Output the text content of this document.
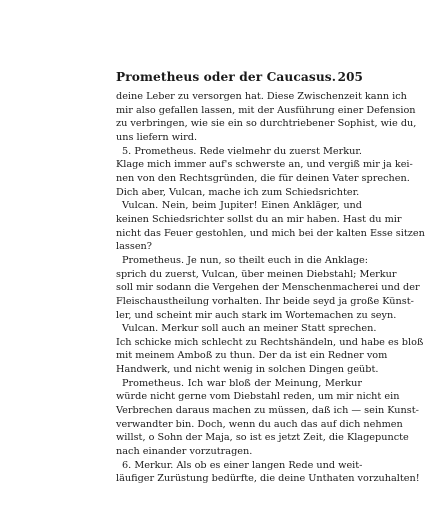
Prometheus oder der Caucasus. 205
deine Leber zu versorgen hat. Diese Zwischenzeit kann ich
mir also gefallen lassen, mit der Ausführung einer Defension
zu verbringen, wie sie ein so durchtriebener Sophist, wie du,
uns liefern wird.
5. Prometheus. Rede vielmehr du zuerst Merkur.
Klage mich immer auf's schwerste an, und vergiß mir ja kei-
nen von den Rechtsgründen, die für deinen Vater sprechen.
Dich aber, Vulcan, mache ich zum Schiedsrichter.
Vulcan. Nein, beim Jupiter! Einen Ankläger, und
keinen Schiedsrichter sollst du an mir haben. Hast du mir
nicht das Feuer gestohlen, und mich bei der kalten Esse sitzen
lassen?
Prometheus. Je nun, so theilt euch in die Anklage:
sprich du zuerst, Vulcan, über meinen Diebstahl; Merkur
soll mir sodann die Vergehen der Menschenmacherei und der
Fleischaustheilung vorhalten. Ihr beide seyd ja große Künst-
ler, und scheint mir auch stark im Wortemachen zu seyn.
Vulcan. Merkur soll auch an meiner Statt sprechen.
Ich schicke mich schlecht zu Rechtshändeln, und habe es bloß
mit meinem Amboß zu thun. Der da ist ein Redner vom
Handwerk, und nicht wenig in solchen Dingen geübt.
Prometheus. Ich war bloß der Meinung, Merkur
würde nicht gerne vom Diebstahl reden, um mir nicht ein
Verbrechen daraus machen zu müssen, daß ich — sein Kunst-
verwandter bin. Doch, wenn du auch das auf dich nehmen
willst, o Sohn der Maja, so ist es jetzt Zeit, die Klagepuncte
nach einander vorzutragen.
6. Merkur. Als ob es einer langen Rede und weit-
läufiger Zurüstung bedürfte, die deine Unthaten vorzuhalten!
